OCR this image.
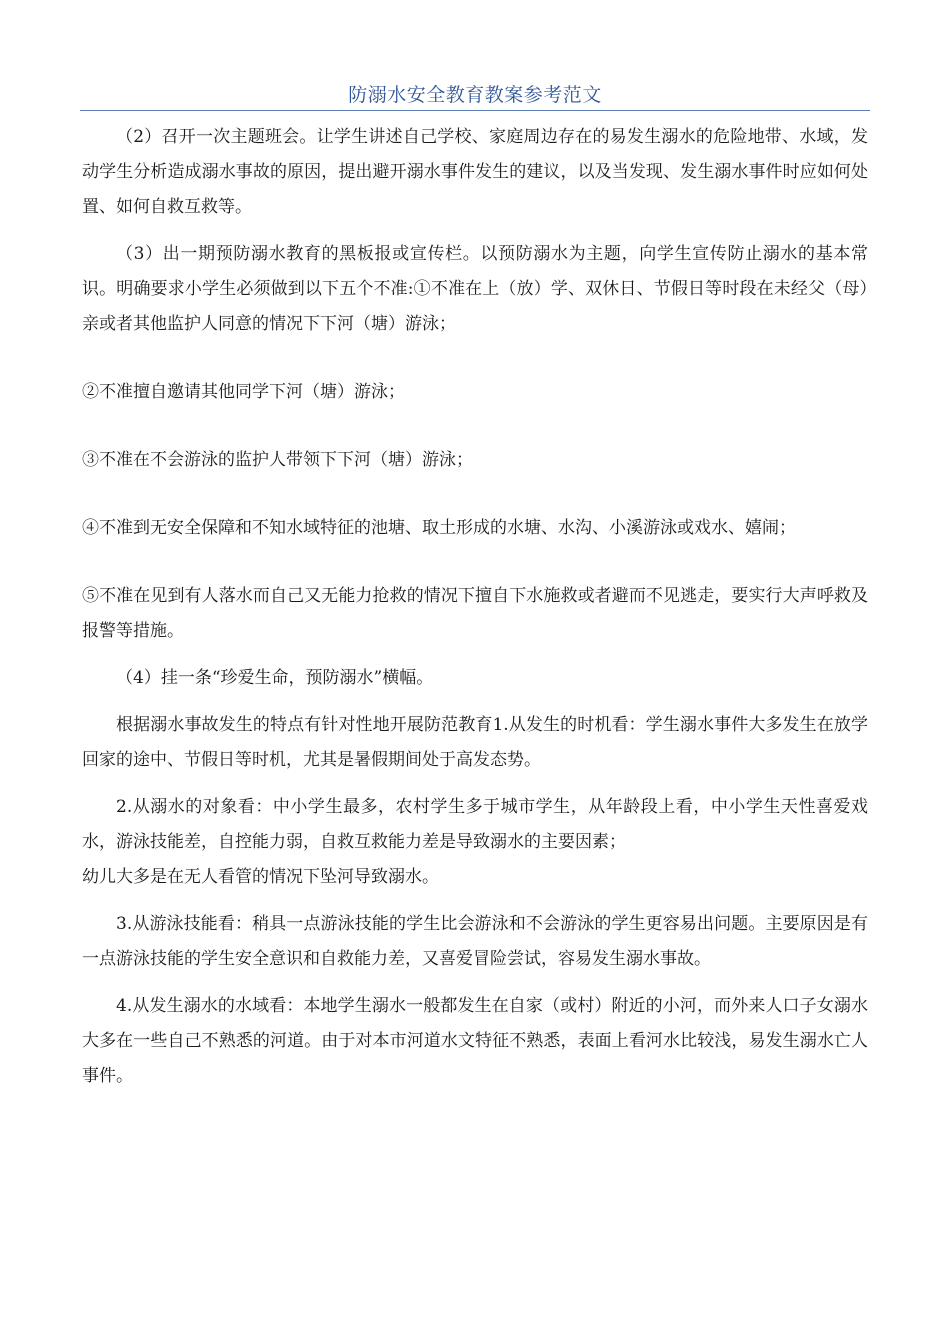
防溺水安全教育教案参考范文

（2）召开一次主题班会。让学生讲述自己学校、家庭周边存在的易发生溺水的危险地带、水域，发动学生分析造成溺水事故的原因，提出避开溺水事件发生的建议，以及当发现、发生溺水事件时应如何处置、如何自救互救等。

（3）出一期预防溺水教育的黑板报或宣传栏。以预防溺水为主题，向学生宣传防止溺水的基本常识。明确要求小学生必须做到以下五个不准:①不准在上（放）学、双休日、节假日等时段在未经父（母）亲或者其他监护人同意的情况下下河（塘）游泳；

②不准擅自邀请其他同学下河（塘）游泳；

③不准在不会游泳的监护人带领下下河（塘）游泳；

④不准到无安全保障和不知水域特征的池塘、取土形成的水塘、水沟、小溪游泳或戏水、嬉闹；

⑤不准在见到有人落水而自己又无能力抢救的情况下擅自下水施救或者避而不见逃走，要实行大声呼救及报警等措施。

（4）挂一条“珍爱生命，预防溺水”横幅。

根据溺水事故发生的特点有针对性地开展防范教育1.从发生的时机看：学生溺水事件大多发生在放学回家的途中、节假日等时机，尤其是暑假期间处于高发态势。

2.从溺水的对象看：中小学生最多，农村学生多于城市学生，从年龄段上看，中小学生天性喜爱戏水，游泳技能差，自控能力弱，自救互救能力差是导致溺水的主要因素；

幼儿大多是在无人看管的情况下坠河导致溺水。

3.从游泳技能看：稍具一点游泳技能的学生比会游泳和不会游泳的学生更容易出问题。主要原因是有一点游泳技能的学生安全意识和自救能力差，又喜爱冒险尝试，容易发生溺水事故。

4.从发生溺水的水域看：本地学生溺水一般都发生在自家（或村）附近的小河，而外来人口子女溺水大多在一些自己不熟悉的河道。由于对本市河道水文特征不熟悉，表面上看河水比较浅，易发生溺水亡人事件。
